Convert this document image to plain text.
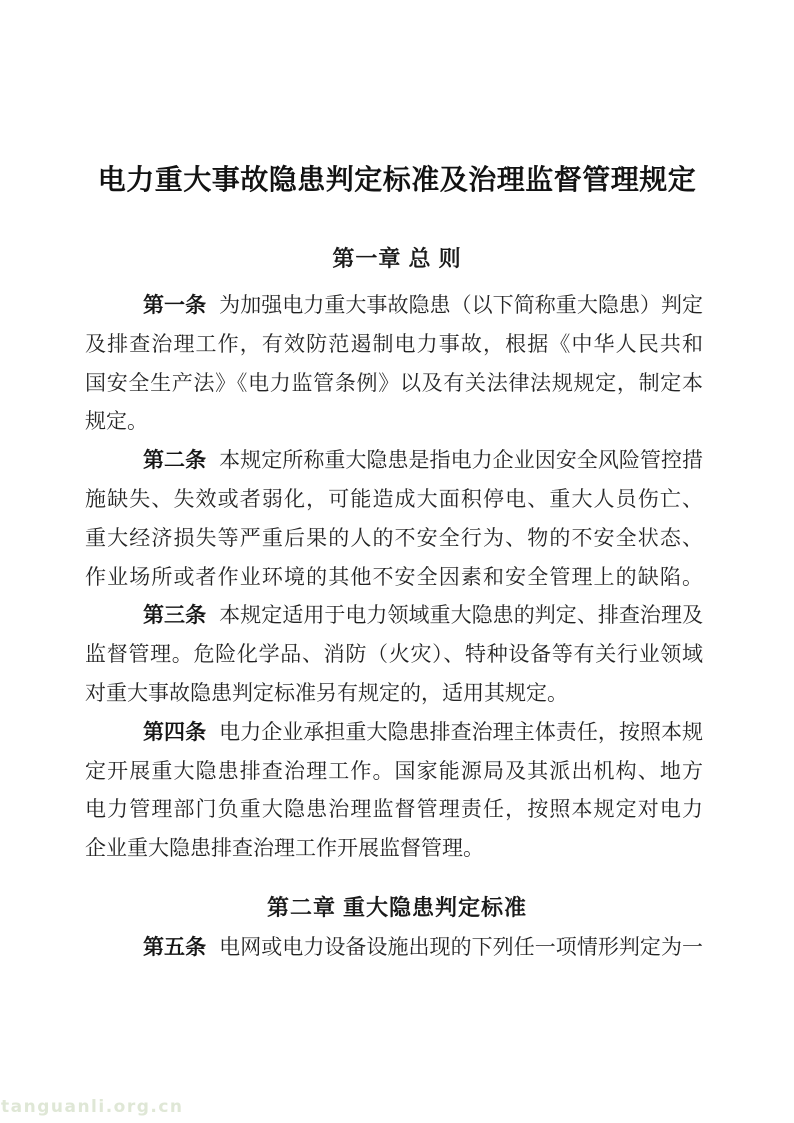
电力重大事故隐患判定标准及治理监督管理规定
第一章 总 则
第一条 为加强电力重大事故隐患（以下简称重大隐患）判定
及排查治理工作，有效防范遏制电力事故，根据《中华人民共和
国安全生产法》《电力监管条例》以及有关法律法规规定，制定本
规定。
第二条 本规定所称重大隐患是指电力企业因安全风险管控措
施缺失、失效或者弱化，可能造成大面积停电、重大人员伤亡、
重大经济损失等严重后果的人的不安全行为、物的不安全状态、
作业场所或者作业环境的其他不安全因素和安全管理上的缺陷。
第三条 本规定适用于电力领域重大隐患的判定、排查治理及
监督管理。危险化学品、消防（火灾）、特种设备等有关行业领域
对重大事故隐患判定标准另有规定的，适用其规定。
第四条 电力企业承担重大隐患排查治理主体责任，按照本规
定开展重大隐患排查治理工作。国家能源局及其派出机构、地方
电力管理部门负重大隐患治理监督管理责任，按照本规定对电力
企业重大隐患排查治理工作开展监督管理。
第二章 重大隐患判定标准
第五条 电网或电力设备设施出现的下列任一项情形判定为一
tanguanli.org.cn
